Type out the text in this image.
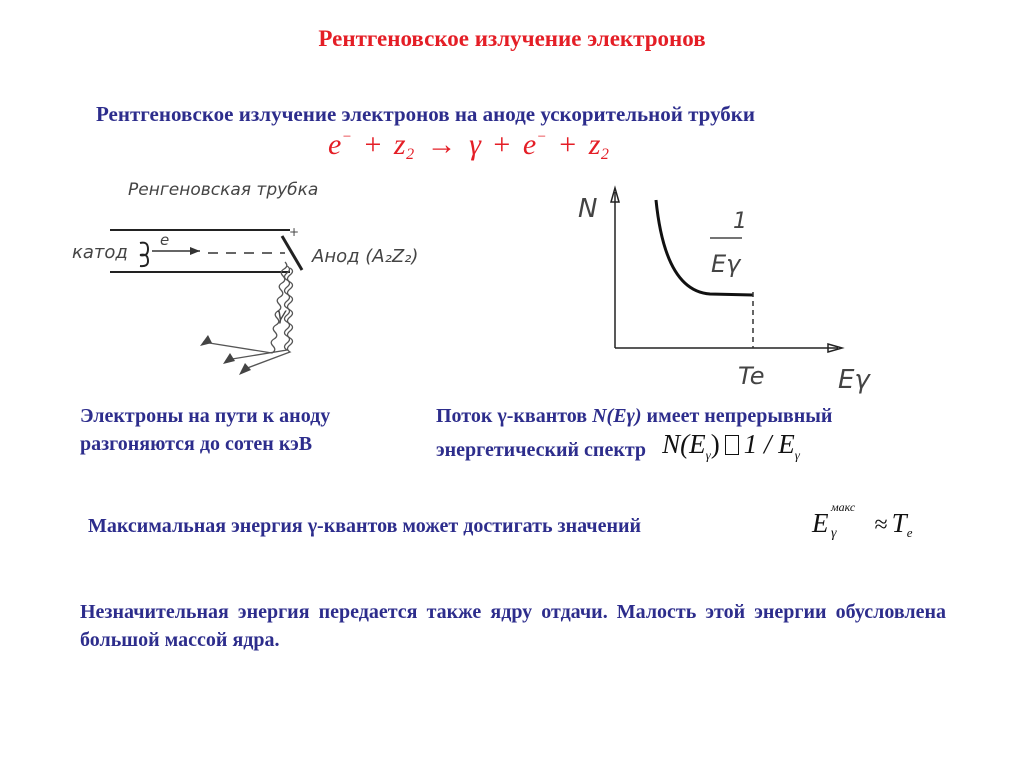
Рентгеновское излучение электронов
Рентгеновское излучение электронов на аноде ускорительной трубки
$e^- + z_2 \to \gamma + e^- + z_2$
Ренгеновская трубка
катод
e	+
Анод (A₂Z₂)
γ
N
Eγ
1
Eγ
Te
Электроны на пути к аноду
разгоняются до сотен кэВ
Поток γ-квантов N(Eγ) имеет непрерывный
энергетический спектр $N(E_\gamma)$ $1 / E_\gamma$
Максимальная энергия γ-квантов может достигать значений	E
макс
γ ≈ Te
Незначительная энергия передается также ядру отдачи. Малость этой энергии обусловлена большой массой ядра.
